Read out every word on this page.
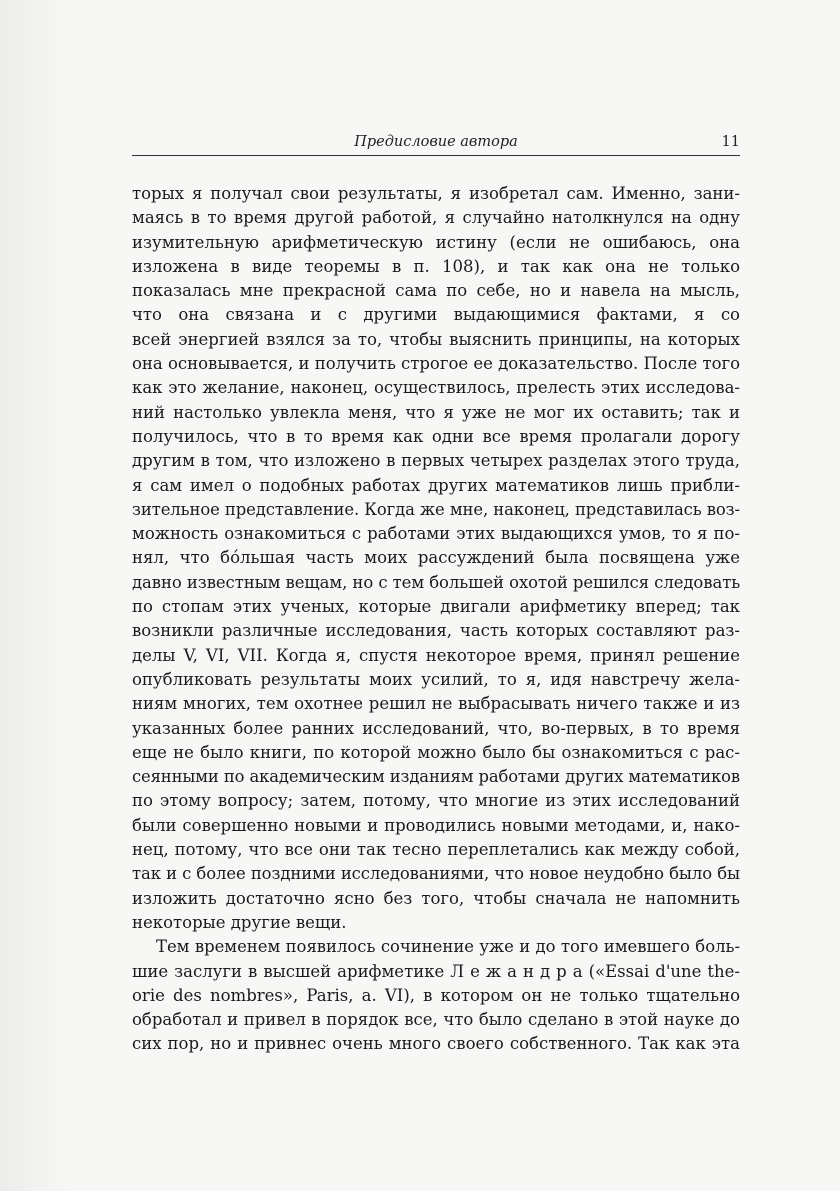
Предисловие автора	11

торых я получал свои результаты, я изобретал сам. Именно, зани-
маясь в то время другой работой, я случайно натолкнулся на одну
изумительную арифметическую истину (если не ошибаюсь, она
изложена в виде теоремы в п. 108), и так как она не только
показалась мне прекрасной сама по себе, но и навела на мысль,
что она связана и с другими выдающимися фактами, я со
всей энергией взялся за то, чтобы выяснить принципы, на которых
она основывается, и получить строгое ее доказательство. После того
как это желание, наконец, осуществилось, прелесть этих исследова-
ний настолько увлекла меня, что я уже не мог их оставить; так и
получилось, что в то время как одни все время пролагали дорогу
другим в том, что изложено в первых четырех разделах этого труда,
я сам имел о подобных работах других математиков лишь прибли-
зительное представление. Когда же мне, наконец, представилась воз-
можность ознакомиться с работами этих выдающихся умов, то я по-
нял, что бо́льшая часть моих рассуждений была посвящена уже
давно известным вещам, но с тем большей охотой решился следовать
по стопам этих ученых, которые двигали арифметику вперед; так
возникли различные исследования, часть которых составляют раз-
делы V, VI, VII. Когда я, спустя некоторое время, принял решение
опубликовать результаты моих усилий, то я, идя навстречу жела-
ниям многих, тем охотнее решил не выбрасывать ничего также и из
указанных более ранних исследований, что, во-первых, в то время
еще не было книги, по которой можно было бы ознакомиться с рас-
сеянными по академическим изданиям работами других математиков
по этому вопросу; затем, потому, что многие из этих исследований
были совершенно новыми и проводились новыми методами, и, нако-
нец, потому, что все они так тесно переплетались как между собой,
так и с более поздними исследованиями, что новое неудобно было бы
изложить достаточно ясно без того, чтобы сначала не напомнить
некоторые другие вещи.

Тем временем появилось сочинение уже и до того имевшего боль-
шие заслуги в высшей арифметике Л е ж а н д р а («Essai d'une the-
orie des nombres», Paris, a. VI), в котором он не только тщательно
обработал и привел в порядок все, что было сделано в этой науке до
сих пор, но и привнес очень много своего собственного. Так как эта
